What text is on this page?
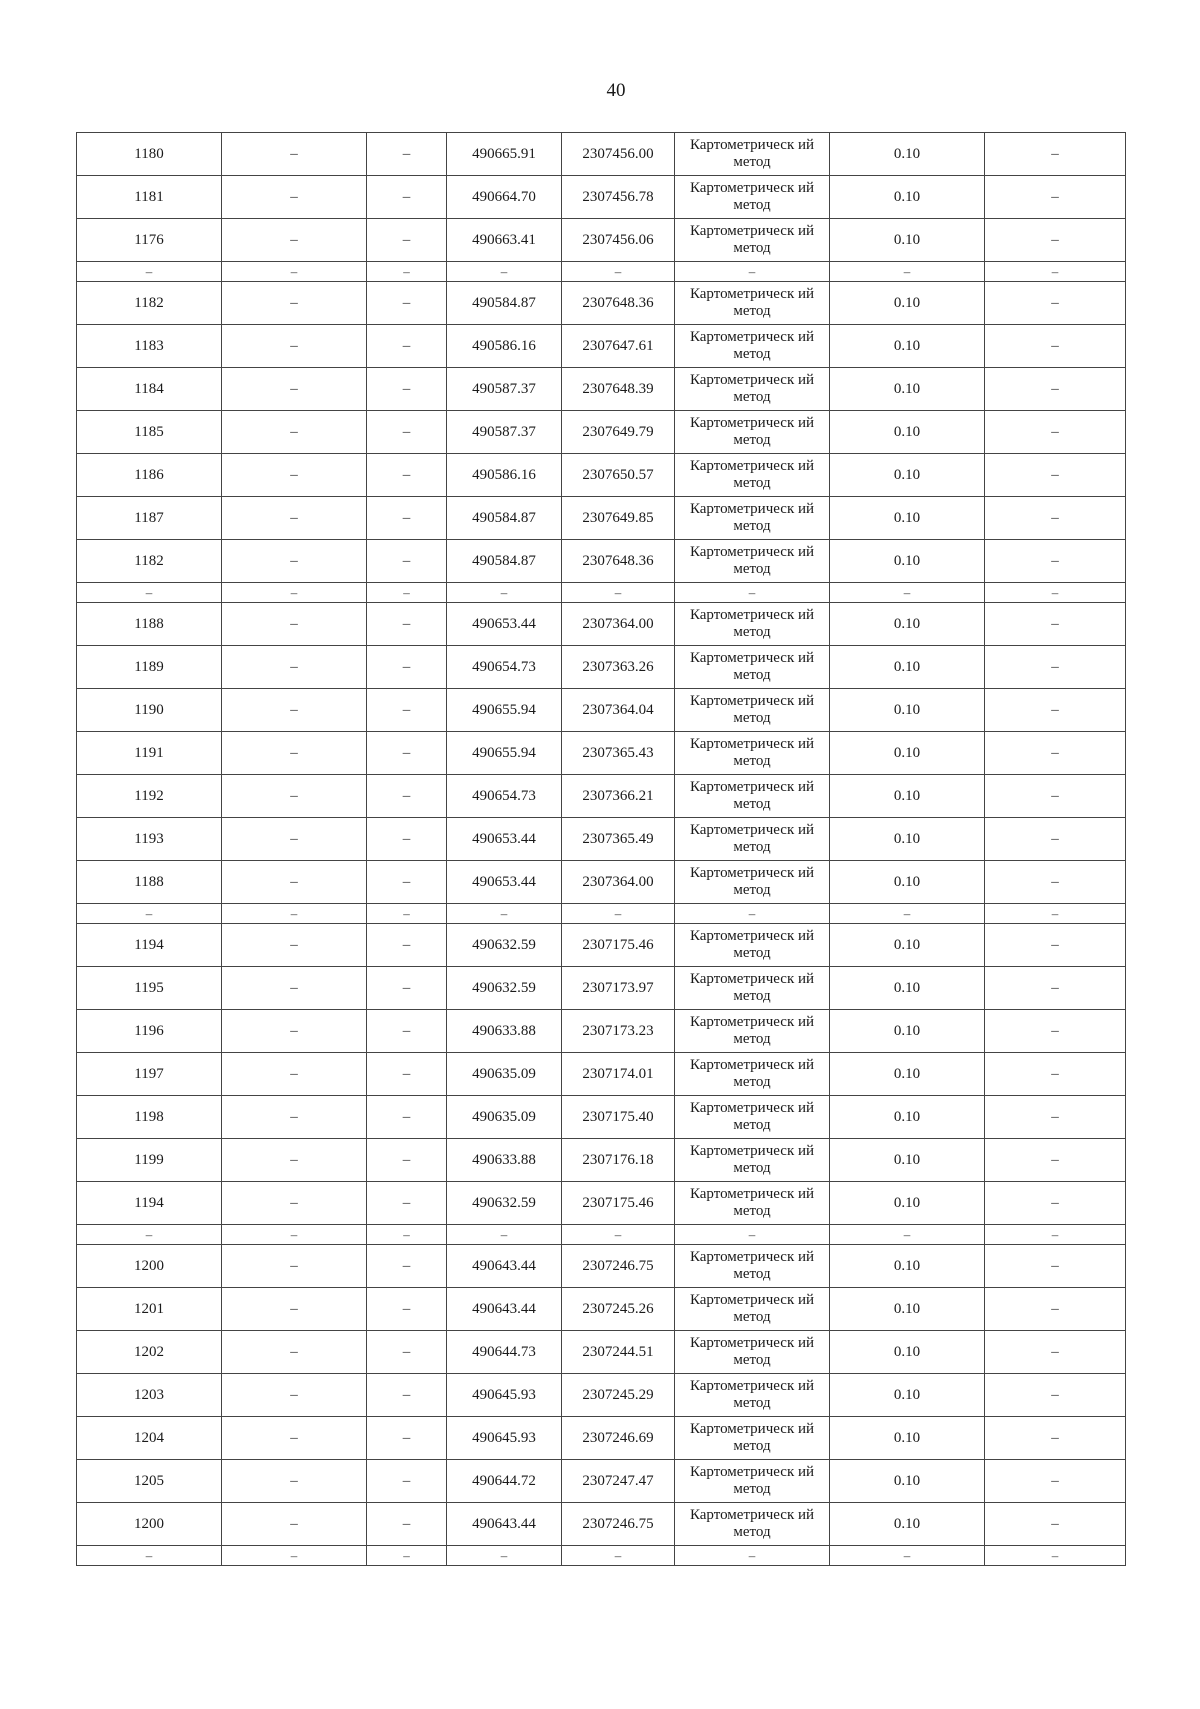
40
1180	–	–	490665.91	2307456.00	Картометрическ ий метод	0.10	–
1181	–	–	490664.70	2307456.78	Картометрическ ий метод	0.10	–
1176	–	–	490663.41	2307456.06	Картометрическ ий метод	0.10	–
–	–	–	–	–	–	–	–
1182	–	–	490584.87	2307648.36	Картометрическ ий метод	0.10	–
1183	–	–	490586.16	2307647.61	Картометрическ ий метод	0.10	–
1184	–	–	490587.37	2307648.39	Картометрическ ий метод	0.10	–
1185	–	–	490587.37	2307649.79	Картометрическ ий метод	0.10	–
1186	–	–	490586.16	2307650.57	Картометрическ ий метод	0.10	–
1187	–	–	490584.87	2307649.85	Картометрическ ий метод	0.10	–
1182	–	–	490584.87	2307648.36	Картометрическ ий метод	0.10	–
–	–	–	–	–	–	–	–
1188	–	–	490653.44	2307364.00	Картометрическ ий метод	0.10	–
1189	–	–	490654.73	2307363.26	Картометрическ ий метод	0.10	–
1190	–	–	490655.94	2307364.04	Картометрическ ий метод	0.10	–
1191	–	–	490655.94	2307365.43	Картометрическ ий метод	0.10	–
1192	–	–	490654.73	2307366.21	Картометрическ ий метод	0.10	–
1193	–	–	490653.44	2307365.49	Картометрическ ий метод	0.10	–
1188	–	–	490653.44	2307364.00	Картометрическ ий метод	0.10	–
–	–	–	–	–	–	–	–
1194	–	–	490632.59	2307175.46	Картометрическ ий метод	0.10	–
1195	–	–	490632.59	2307173.97	Картометрическ ий метод	0.10	–
1196	–	–	490633.88	2307173.23	Картометрическ ий метод	0.10	–
1197	–	–	490635.09	2307174.01	Картометрическ ий метод	0.10	–
1198	–	–	490635.09	2307175.40	Картометрическ ий метод	0.10	–
1199	–	–	490633.88	2307176.18	Картометрическ ий метод	0.10	–
1194	–	–	490632.59	2307175.46	Картометрическ ий метод	0.10	–
–	–	–	–	–	–	–	–
1200	–	–	490643.44	2307246.75	Картометрическ ий метод	0.10	–
1201	–	–	490643.44	2307245.26	Картометрическ ий метод	0.10	–
1202	–	–	490644.73	2307244.51	Картометрическ ий метод	0.10	–
1203	–	–	490645.93	2307245.29	Картометрическ ий метод	0.10	–
1204	–	–	490645.93	2307246.69	Картометрическ ий метод	0.10	–
1205	–	–	490644.72	2307247.47	Картометрическ ий метод	0.10	–
1200	–	–	490643.44	2307246.75	Картометрическ ий метод	0.10	–
–	–	–	–	–	–	–	–
